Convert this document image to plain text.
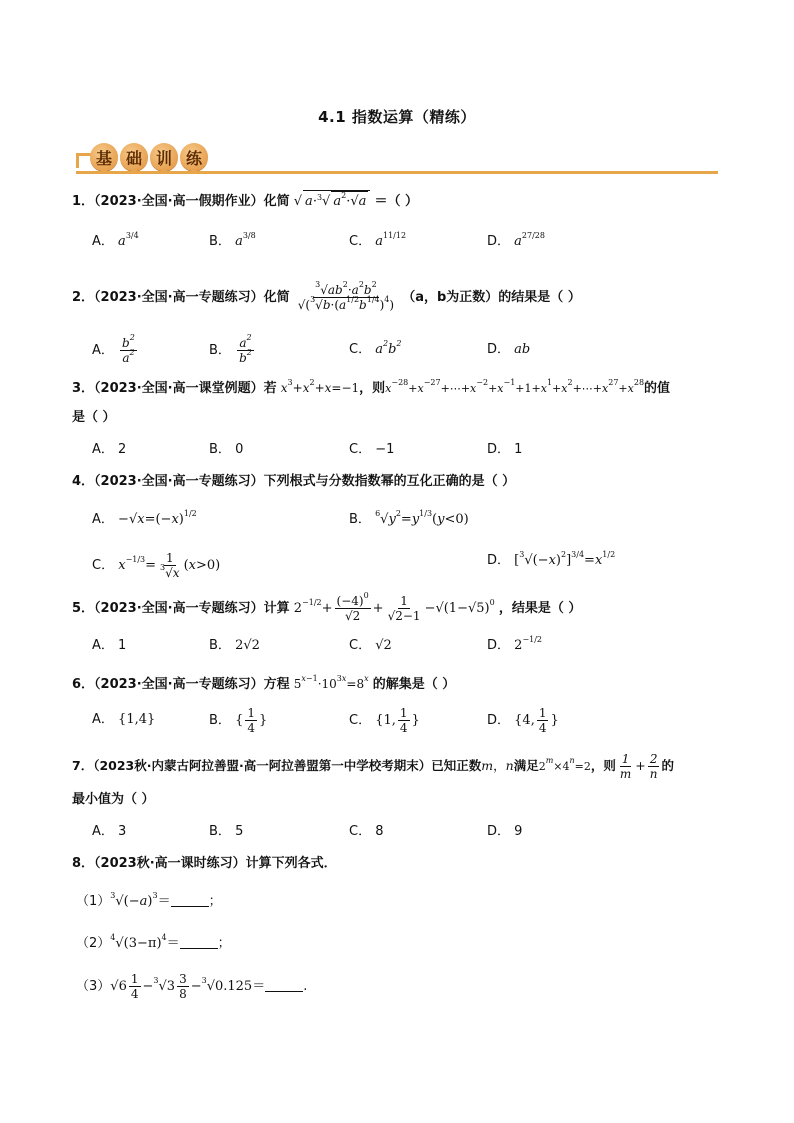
4.1 指数运算（精练）
基 础 训 练
1．（2023·全国·高一假期作业）化简 √ a·$^3$√ $a^2\cdot√a$ ＝（ ）
A． $a^{3/4}$	B． $a^{3/8}$	C． $a^{11/12}$	D． $a^{27/28}$
2．（2023·全国·高一专题练习）化简 $\frac{^3√ab^2\cdot a^2b^2}{√(^3√b\cdot(a^{1/2}b^{1/4})^4)} (a$，b为正数）的结果是（ ）
A． $\frac{b^2}{a^2}$	B． $\frac{a^2}{b^2}$	C． $a^2b^2$	D． ab
3．（2023·全国·高一课堂例题）若 $x^3+x^2+x=-1$，则$x^{-28}+x^{-27}+\cdots+x^{-2}+x^{-1}+1+x^1+x^2+\cdots+x^{27}+x^{28}$的值
是（ ）
A． 2	B． 0	C． −1	D． 1
4．（2023·全国·高一专题练习）下列根式与分数指数幂的互化正确的是（ ）
A． $-√x=(-x)^{1/2}$	B． $^6√y^2=y^{1/3}(y<0)$
C． $x^{-1/3}= \frac{1}{^3√x} (x>0)$	D． $[^3√(-x)^2]^{3/4}=x^{1/2}$
5．（2023·全国·高一专题练习）计算 $2^{-1/2}+ \frac{(-4)^0}{√2} + \frac{1}{√2-1} -√(1-√5)^0$ ，结果是（ ）
A． 1	B． 2√2	C． √2	D． $2^{-1/2}$
6．（2023·全国·高一专题练习）方程 $5^{x-1}\cdot 10^{3x}=8^x$ 的解集是（ ）
A． {1,4}	B． { $\frac{1}{4}$ }	C． {1, $\frac{1}{4}$ }	D． {4, $\frac{1}{4}$ }
7．（2023秋·内蒙古阿拉善盟·高一阿拉善盟第一中学校考期末）已知正数m，n满足$2^m\times 4^n=2$，则 $\frac{1}{m} + \frac{2}{n}$ 的
最小值为（ ）
A． 3	B． 5	C． 8	D． 9
8．（2023秋·高一课时练习）计算下列各式．
$(1)^3√(-a)^3=$	；
$(2)^4√(3-\pi)^4=$	；
$(3)√6 \frac{1}{4} -^3√3 \frac{3}{8} -^3√0.125=$	.
